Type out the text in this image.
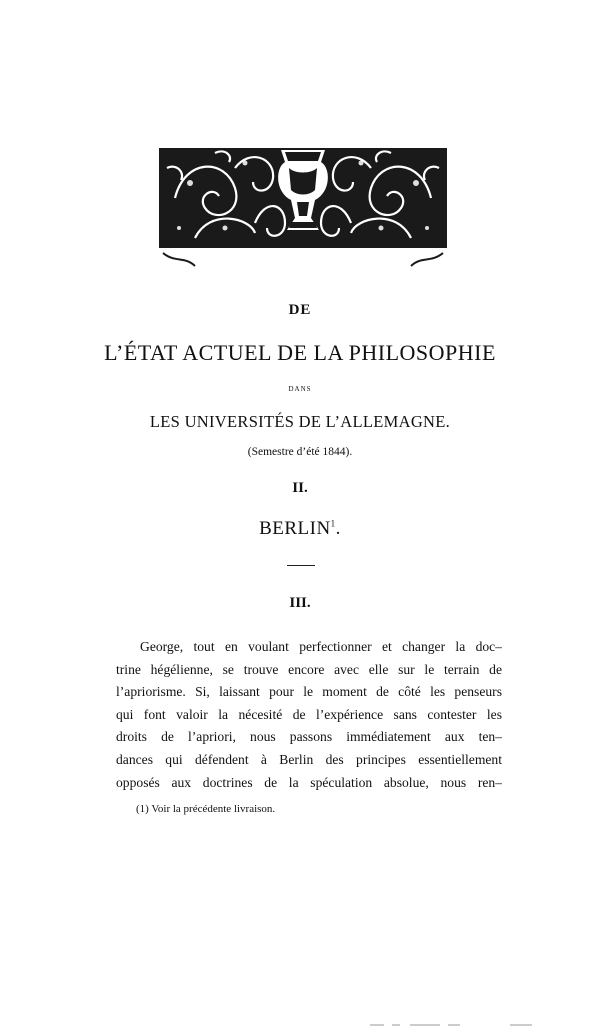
DE
L’ÉTAT ACTUEL DE LA PHILOSOPHIE
DANS
LES UNIVERSITÉS DE L’ALLEMAGNE.
(Semestre d’été 1844).
II.
BERLIN$^1$.
III.
George, tout en voulant perfectionner et changer la doc–
trine hégélienne, se trouve encore avec elle sur le terrain de
l’apriorisme. Si, laissant pour le moment de côté les penseurs
qui font valoir la nécesité de l’expérience sans contester les
droits de l’apriori, nous passons immédiatement aux ten–
dances qui défendent à Berlin des principes essentiellement
opposés aux doctrines de la spéculation absolue, nous ren–
(1) Voir la précédente livraison.
